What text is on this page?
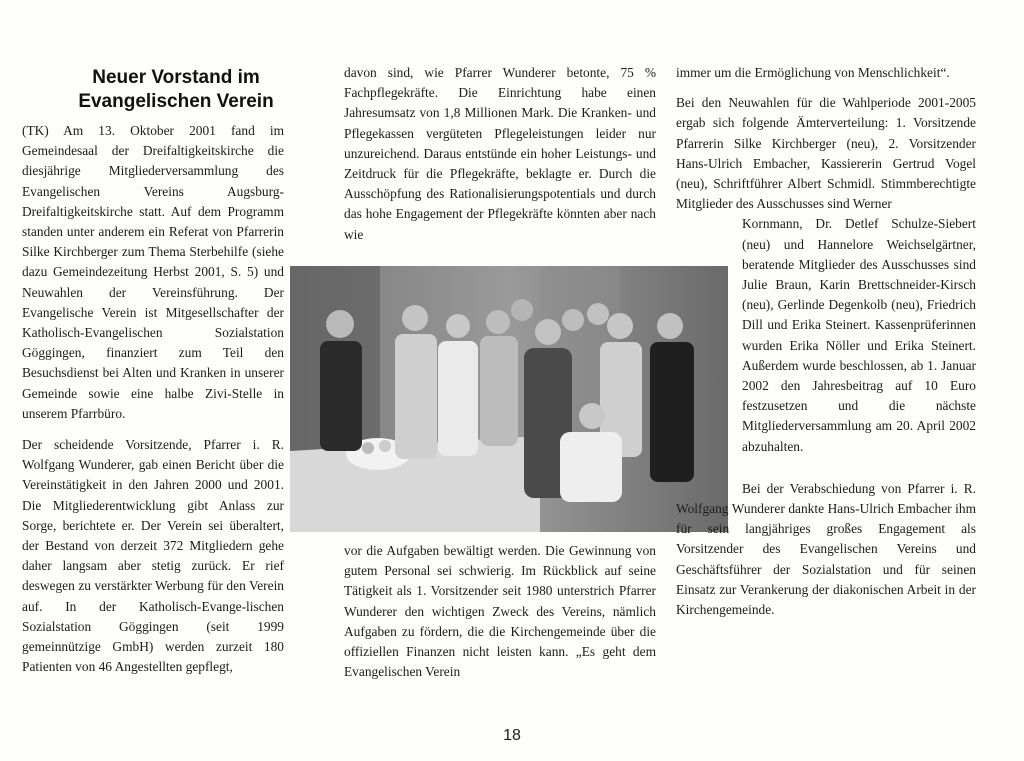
Neuer Vorstand im
Evangelischen Verein

(TK) Am 13. Oktober 2001 fand im Gemeindesaal der Dreifaltigkeitskirche die diesjährige Mitgliederversammlung des Evangelischen Vereins Augsburg-Dreifaltigkeitskirche statt. Auf dem Programm standen unter anderem ein Referat von Pfarrerin Silke Kirchberger zum Thema Sterbehilfe (siehe dazu Gemeindezeitung Herbst 2001, S. 5) und Neuwahlen der Vereinsführung. Der Evangelische Verein ist Mitgesellschafter der Katholisch-Evangelischen Sozialstation Göggingen, finanziert zum Teil den Besuchsdienst bei Alten und Kranken in unserer Gemeinde sowie eine halbe Zivi-Stelle in unserem Pfarrbüro.

Der scheidende Vorsitzende, Pfarrer i. R. Wolfgang Wunderer, gab einen Bericht über die Vereinstätigkeit in den Jahren 2000 und 2001. Die Mitgliederentwicklung gibt Anlass zur Sorge, berichtete er. Der Verein sei überaltert, der Bestand von derzeit 372 Mitgliedern gehe daher langsam aber stetig zurück. Er rief deswegen zu verstärkter Werbung für den Verein auf. In der Katholisch-Evange-lischen Sozialstation Göggingen (seit 1999 gemeinnützige GmbH) werden zurzeit 180 Patienten von 46 Angestellten gepflegt,

davon sind, wie Pfarrer Wunderer betonte, 75 % Fachpflegekräfte. Die Einrichtung habe einen Jahresumsatz von 1,8 Millionen Mark. Die Kranken- und Pflegekassen vergüteten Pflegeleistungen leider nur unzureichend. Daraus entstünde ein hoher Leistungs- und Zeitdruck für die Pflegekräfte, beklagte er. Durch die Ausschöpfung des Rationalisierungspotentials und durch das hohe Engagement der Pflegekräfte könnten aber nach wie

vor die Aufgaben bewältigt werden. Die Gewinnung von gutem Personal sei schwierig. Im Rückblick auf seine Tätigkeit als 1. Vorsitzender seit 1980 unterstrich Pfarrer Wunderer den wichtigen Zweck des Vereins, nämlich Aufgaben zu fördern, die die Kirchengemeinde über die offiziellen Finanzen nicht leisten kann. „Es geht dem Evangelischen Verein

immer um die Ermöglichung von Menschlichkeit“.

Bei den Neuwahlen für die Wahlperiode 2001-2005 ergab sich folgende Ämterverteilung: 1. Vorsitzende Pfarrerin Silke Kirchberger (neu), 2. Vorsitzender Hans-Ulrich Embacher, Kassiererin Gertrud Vogel (neu), Schriftführer Albert Schmidl. Stimmberechtigte Mitglieder des Ausschusses sind Werner

Kornmann, Dr. Detlef Schulze-Siebert (neu) und Hannelore Weichselgärtner, beratende Mitglieder des Ausschusses sind Julie Braun, Karin Brettschneider-Kirsch (neu), Gerlinde Degenkolb (neu), Friedrich Dill und Erika Steinert. Kassenprüferinnen wurden Erika Nöller und Erika Steinert. Außerdem wurde beschlossen, ab 1. Januar 2002 den Jahresbeitrag auf 10 Euro festzusetzen und die nächste Mitgliederversammlung am 20. April 2002 abzuhalten.

Bei der Verabschiedung von Pfarrer i. R. Wolfgang Wunderer dankte Hans-Ulrich Embacher ihm für sein langjähriges großes Engagement als Vorsitzender des Evangelischen Vereins und Geschäftsführer der Sozialstation und für seinen Einsatz zur Verankerung der diakonischen Arbeit in der Kirchengemeinde.

18
